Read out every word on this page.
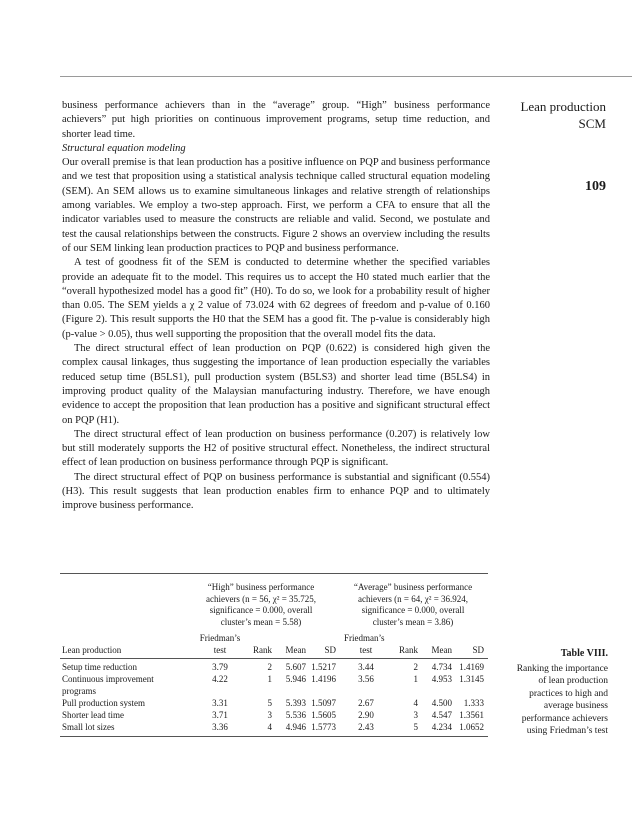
Lean production
SCM
109

business performance achievers than in the “average” group. “High” business performance achievers” put high priorities on continuous improvement programs, setup time reduction, and shorter lead time.

Structural equation modeling

Our overall premise is that lean production has a positive influence on PQP and business performance and we test that proposition using a statistical analysis technique called structural equation modeling (SEM). An SEM allows us to examine simultaneous linkages and relative strength of relationships among variables. We employ a two-step approach. First, we perform a CFA to ensure that all the indicator variables used to measure the constructs are reliable and valid. Second, we postulate and test the causal relationships between the constructs. Figure 2 shows an overview including the results of our SEM linking lean production practices to PQP and business performance.

A test of goodness fit of the SEM is conducted to determine whether the specified variables provide an adequate fit to the model. This requires us to accept the H0 stated much earlier that the “overall hypothesized model has a good fit” (H0). To do so, we look for a probability result of higher than 0.05. The SEM yields a χ 2 value of 73.024 with 62 degrees of freedom and p-value of 0.160 (Figure 2). This result supports the H0 that the SEM has a good fit. The p-value is considerably high (p-value > 0.05), thus well supporting the proposition that the overall model fits the data.

The direct structural effect of lean production on PQP (0.622) is considered high given the complex causal linkages, thus suggesting the importance of lean production especially the variables reduced setup time (B5LS1), pull production system (B5LS3) and shorter lead time (B5LS4) in improving product quality of the Malaysian manufacturing industry. Therefore, we have enough evidence to accept the proposition that lean production has a positive and significant structural effect on PQP (H1).

The direct structural effect of lean production on business performance (0.207) is relatively low but still moderately supports the H2 of positive structural effect. Nonetheless, the indirect structural effect of lean production on business performance through PQP is significant.

The direct structural effect of PQP on business performance is substantial and significant (0.554) (H3). This result suggests that lean production enables firm to enhance PQP and to ultimately improve business performance.

“High” business performance
achievers (n = 56, χ² = 35.725,
significance = 0.000, overall
cluster’s mean = 5.58)
“Average” business performance
achievers (n = 64, χ² = 36.924,
significance = 0.000, overall
cluster’s mean = 3.86)
Lean production
Friedman’s
test	Rank	Mean	SD
Friedman’s
test	Rank	Mean	SD
Setup time reduction	3.79	2	5.607 1.5217	3.44	2	4.734 1.4169
Continuous improvement
programs
4.22	1	5.946 1.4196	3.56	1	4.953 1.3145
Pull production system	3.31	5	5.393 1.5097	2.67	4	4.500	1.333
Shorter lead time	3.71	3	5.536 1.5605	2.90	3	4.547 1.3561
Small lot sizes	3.36	4	4.946 1.5773	2.43	5	4.234 1.0652
Table VIII.
Ranking the importance
of lean production
practices to high and
average business
performance achievers
using Friedman’s test
